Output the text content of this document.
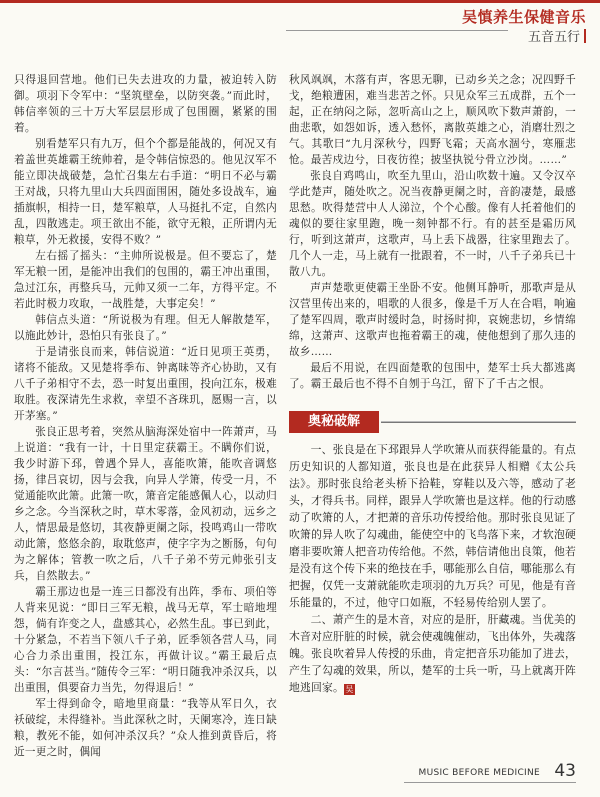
吴慎养生保健音乐
五音五行

只得退回营地。他们已失去进攻的力量，被迫转入防御。项羽下令军中：“坚筑壁垒，以防突袭。”而此时，韩信率领的三十万大军层层形成了包围圈，紧紧的围着。

别看楚军只有九万，但个个都是能战的，何况又有着盖世英雄霸王统帅着，是令韩信惊恐的。他见汉军不能立即决战破楚，急忙召集左右手道：“明日不必与霸王对战，只将九里山大兵四面围困，随处多设战车，遍插旗帜，相持一日，楚军粮草，人马挺扎不定，自然内乱，四散逃走。项王欲出不能，欲守无粮，正所谓内无粮草，外无救援，安得不败？”

左右摇了摇头：“主帅所说极是。但不要忘了，楚军无粮一团，是能冲出我们的包围的，霸王冲出重围，急过江东，再整兵马，元帅又须一二年，方得平定。不若此时极力攻取，一战胜楚，大事定矣！”

韩信点头道：“所说极为有理。但无人解散楚军，以施此妙计，恐怕只有张良了。”

于是请张良而来，韩信说道：“近日见项王英勇，诸将不能敌。又见楚将季布、钟离昧等齐心协助，又有八千子弟相守不去，恐一时复出重围，投向江东，极难取胜。夜深请先生求救，幸望不吝珠玑，愿赐一言，以开茅塞。”

张良正思考着，突然从脑海深处宿中一阵萧声，马上说道：“我有一计，十日里定获霸王。不瞒你们说，我少时游下邳，曾遇个异人，喜能吹箫，能吹音调悠扬，律吕哀切，因与会我，向异人学箫，传受一月，不觉通能吹此箫。此箫一吹，箫音定能感佩人心，以动归乡之念。今当深秋之时，草木零落，金风初动，远乡之人，情思最是悠切，其夜静更阑之际，投鸣鸡山一带吹动此箫，悠悠余韵，取耽悠声，使字字为之断肠，句句为之解体；管教一吹之后，八千子弟不劳元帅张引支兵，自然散去。”

霸王那边也是一连三日都没有出阵，季布、项伯等人背来见说：“即日三军无粮，战马无草，军士暗地埋怨，倘有诈变之人，盘感其心，必然生乱。事已到此，十分紧急，不若当下领八千子弟，匠季领各营人马，同心合力杀出重围，投江东，再做计议。”霸王最后点头：“尔言甚当。”随传令三军：“明日随我冲杀汉兵，以出重围，俱要奋力当先，勿得退后！”

军士得到命令，暗地里商量：“我等从军日久，衣袄破绽，未得缝补。当此深秋之时，天阑寒冷，连日缺粮，教死不能，如何冲杀汉兵？”众人推到黄昏后，将近一更之时，偶闻

秋风飒飒，木落有声，客思无聊，已动乡关之念；况四野千戈，绝粮遭困，难当悲苦之怀。只见众军三五成群，五个一起，正在纳闷之际，忽听高山之上，顺风吹下数声萧韵，一曲悲歌，如怨如诉，透入愁怀，离散英雄之心，消磨壮烈之气。其歌曰“九月深秋兮，四野飞霜；天高水涸兮，寒雁悲怆。最苦戍边兮，日夜彷徨；披坚执锐兮骨立沙岗。……”

张良自鸡鸣山，吹至九里山，沿山吹数十遍。又令汉卒学此楚声，随处吹之。况当夜静更阑之时，音韵凄楚，最感思愁。吹得楚营中人人涕泣，个个心酸。像有人托着他们的魂似的要往家里跑，晚一刻钟都不行。有的甚至是霜历风行，听到这萧声，这歌声，马上丢下战器，往家里跑去了。几个人一走，马上就有一批跟着，不一时，八千子弟兵已十散八九。

声声楚歌更使霸王坐卧不安。他侧耳静听，那歌声是从汉营里传出来的，唱歌的人很多，像是千万人在合唱，响遍了楚军四周，歌声时缓时急，时扬时抑，哀婉悲切，乡情绵绵，这萧声、这歌声也拖着霸王的魂，使他想到了那久违的故乡……

最后不用说，在四面楚歌的包围中，楚军士兵大都逃离了。霸王最后也不得不自刎于乌江，留下了千古之恨。

奥秘破解

一、张良是在下邳跟异人学吹箫从而获得能量的。有点历史知识的人都知道，张良也是在此获异人相赠《太公兵法》。那时张良给老头桥下拾鞋，穿鞋以及六等，感动了老头，才得兵书。同样，跟异人学吹箫也是这样。他的行动感动了吹箫的人，才把萧的音乐功传授给他。那时张良见证了吹箫的异人吹了勾魂曲，能使空中的飞鸟落下来，才软泡硬磨非要吹箫人把音功传给他。不然，韩信请他出良策，他若是没有这个传下来的绝技在手，哪能那么自信，哪能那么有把握，仅凭一支萧就能吹走项羽的九万兵？可见，他是有音乐能量的，不过，他守口如瓶，不轻易传给别人罢了。

二、萧产生的是木音，对应的是肝，肝藏魂。当优美的木音对应肝脏的时候，就会使魂魄催动，飞出体外，失魂落魄。张良吹着异人传授的乐曲，肯定把音乐功能加了进去，产生了勾魂的效果，所以，楚军的士兵一听，马上就离开阵地逃回家。吴

MUSIC BEFORE MEDICINE 43
